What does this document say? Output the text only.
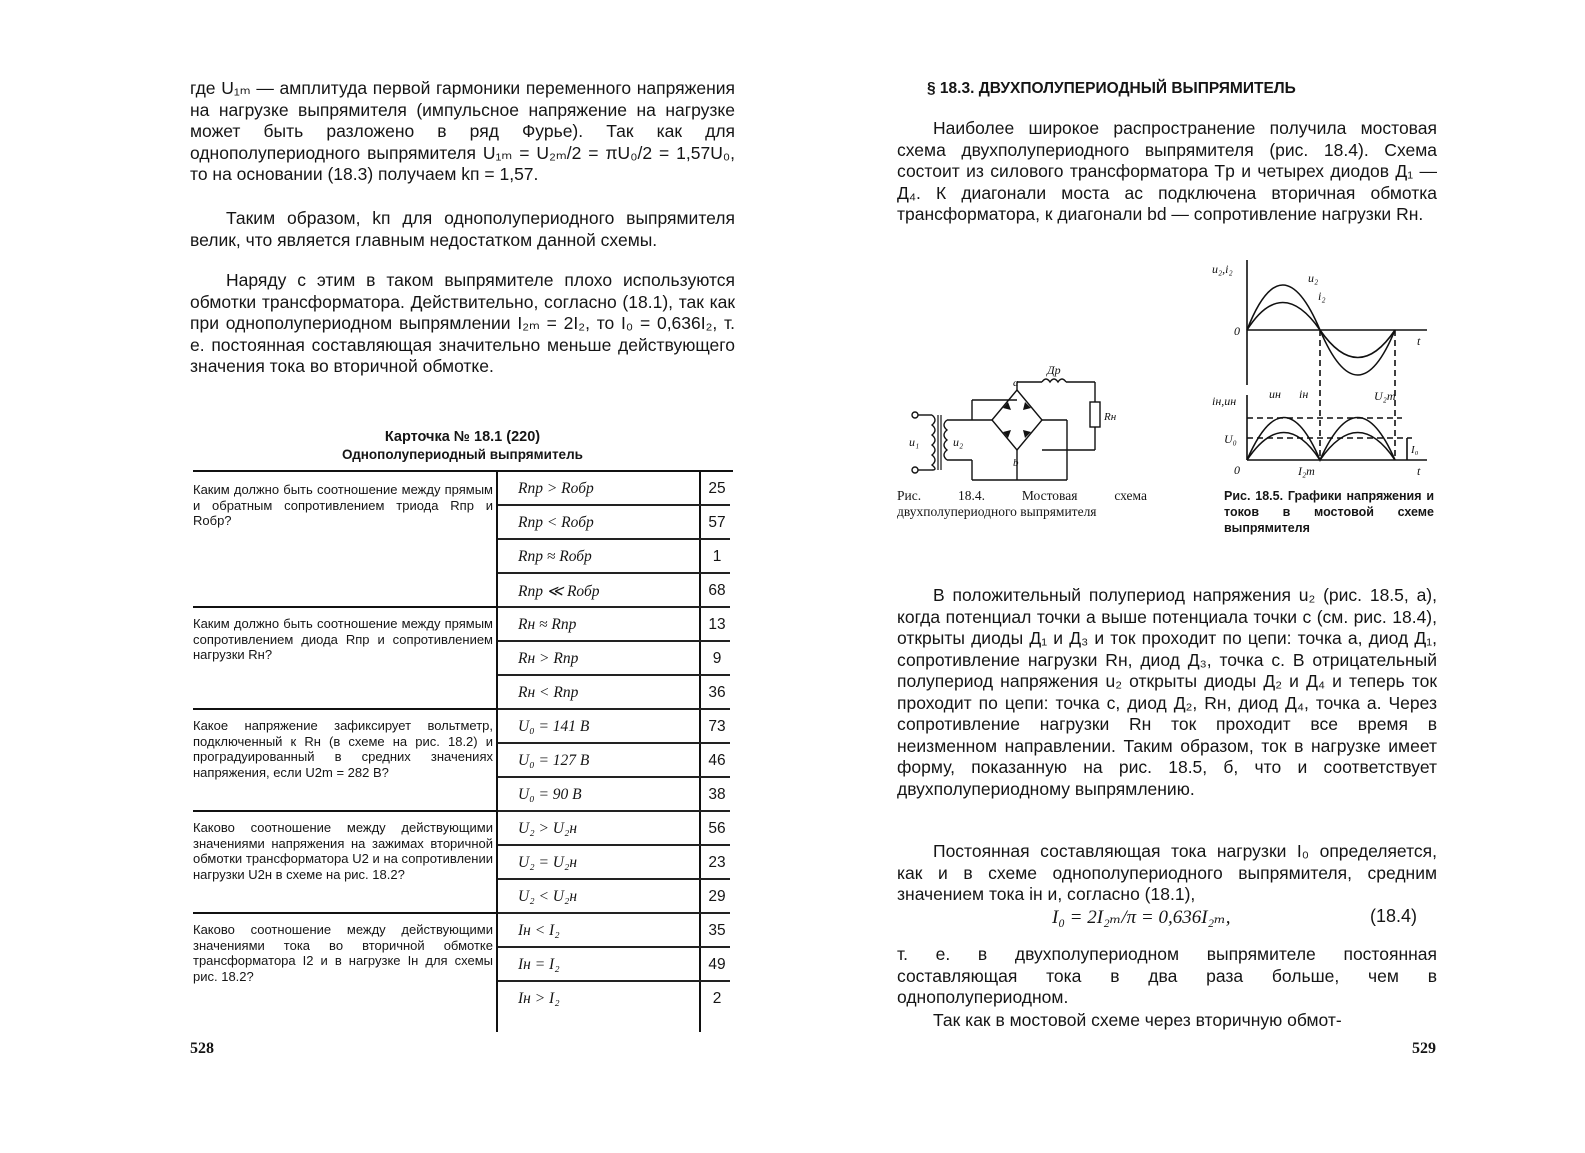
где U₁ₘ — амплитуда первой гармоники переменного напряжения на нагрузке выпрямителя (импульсное напряжение на нагрузке может быть разложено в ряд Фурье). Так как для однополупериодного выпрямителя U₁ₘ = U₂ₘ/2 = πU₀/2 = 1,57U₀, то на основании (18.3) получаем kп = 1,57.

Таким образом, kп для однополупериодного выпрямителя велик, что является главным недостатком данной схемы.

Наряду с этим в таком выпрямителе плохо используются обмотки трансформатора. Действительно, согласно (18.1), так как при однополупериодном выпрямлении I₂ₘ = 2I₂, то I₀ = 0,636I₂, т. е. постоянная составляющая значительно меньше действующего значения тока во вторичной обмотке.

Карточка № 18.1 (220)
Однополупериодный выпрямитель

Каким должно быть соотношение между прямым и обратным сопротивлением триода Rпр и Rобр?

Rпр > Rобр	25
Rпр < Rобр	57
Rпр ≈ Rобр	1
Rпр ≪ Rобр	68

Каким должно быть соотношение между прямым сопротивлением диода Rпр и сопротивлением нагрузки Rн?

Rн ≈ Rпр	13
Rн > Rпр	9
Rн < Rпр	36

Какое напряжение зафиксирует вольтметр, подключенный к Rн (в схеме на рис. 18.2) и проградуированный в средних значениях напряжения, если U2m = 282 В?

U₀ = 141 В	73
U₀ = 127 В	46
U₀ = 90 В	38

Каково соотношение между действующими значениями напряжения на зажимах вторичной обмотки трансформатора U2 и на сопротивлении нагрузки U2н в схеме на рис. 18.2?

U₂ > U₂н	56
U₂ = U₂н	23
U₂ < U₂н	29

Каково соотношение между действующими значениями тока во вторичной обмотке трансформатора I2 и в нагрузке Iн для схемы рис. 18.2?

Iн < I₂	35
Iн = I₂	49
Iн > I₂	2
528
§ 18.3. ДВУХПОЛУПЕРИОДНЫЙ ВЫПРЯМИТЕЛЬ

Наиболее широкое распространение получила мостовая схема двухполупериодного выпрямителя (рис. 18.4). Схема состоит из силового трансформатора Tр и четырех диодов Д₁ — Д₄. К диагонали моста ac подключена вторичная обмотка трансформатора, к диагонали bd — сопротивление нагрузки Rн.

a
b
Др
u₁	u₂
Rн

Рис. 18.4. Мостовая схема двухполупериодного выпрямителя

u₂,i₂
u₂
i₂
0
t
iн,uн	uн iн	U₂m
U₀
I₀
0	I₂m	t

Рис. 18.5. Графики напряжения и токов в мостовой схеме выпрямителя

В положительный полупериод напряжения u₂ (рис. 18.5, а), когда потенциал точки a выше потенциала точки c (см. рис. 18.4), открыты диоды Д₁ и Д₃ и ток проходит по цепи: точка a, диод Д₁, сопротивление нагрузки Rн, диод Д₃, точка c. В отрицательный полупериод напряжения u₂ открыты диоды Д₂ и Д₄ и теперь ток проходит по цепи: точка c, диод Д₂, Rн, диод Д₄, точка a. Через сопротивление нагрузки Rн ток проходит все время в неизменном направлении. Таким образом, ток в нагрузке имеет форму, показанную на рис. 18.5, б, что и соответствует двухполупериодному выпрямлению.

Постоянная составляющая тока нагрузки I₀ определяется, как и в схеме однополупериодного выпрямителя, средним значением тока iн и, согласно (18.1),

I₀ = 2I₂ₘ/π = 0,636I₂ₘ,	(18.4)

т. е. в двухполупериодном выпрямителе постоянная составляющая тока в два раза больше, чем в однополупериодном.

Так как в мостовой схеме через вторичную обмот-

529
